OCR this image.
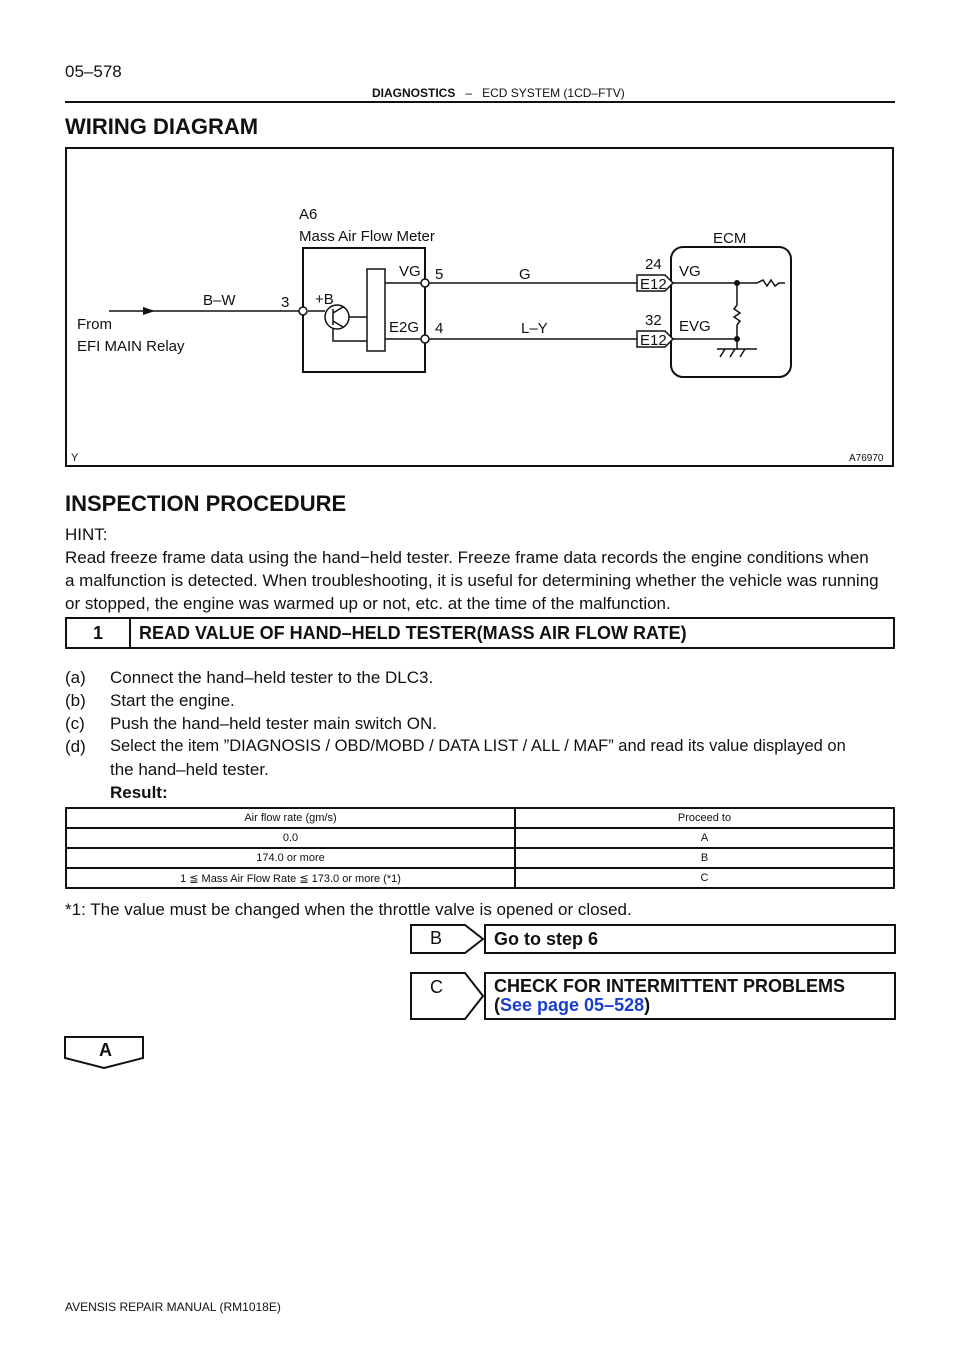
05–578
DIAGNOSTICS – ECD SYSTEM (1CD–FTV)
WIRING DIAGRAM
A6
Mass Air Flow Meter	ECM
From
EFI MAIN Relay
B–W	3 +B
VG
E2G
5
4
G
L–Y
24
32
E12
E12
VG
EVG
Y	A76970
INSPECTION PROCEDURE
HINT:
Read freeze frame data using the hand−held tester. Freeze frame data records the engine conditions when
a malfunction is detected. When troubleshooting, it is useful for determining whether the vehicle was running
or stopped, the engine was warmed up or not, etc. at the time of the malfunction.
1	READ VALUE OF HAND–HELD TESTER(MASS AIR FLOW RATE)
(a) Connect the hand–held tester to the DLC3.
(b) Start the engine.
(c) Push the hand–held tester main switch ON.
(d) Select the item ”DIAGNOSIS / OBD/MOBD / DATA LIST / ALL / MAF” and read its value displayed on
the hand–held tester.
Result:
Air flow rate (gm/s)	Proceed to
0.0	A
174.0 or more	B
1 ≦ Mass Air Flow Rate ≦ 173.0 or more (*1)	C
*1: The value must be changed when the throttle valve is opened or closed.
B	Go to step 6
C	CHECK FOR INTERMITTENT PROBLEMS
(See page 05–528)
A
AVENSIS REPAIR MANUAL (RM1018E)
